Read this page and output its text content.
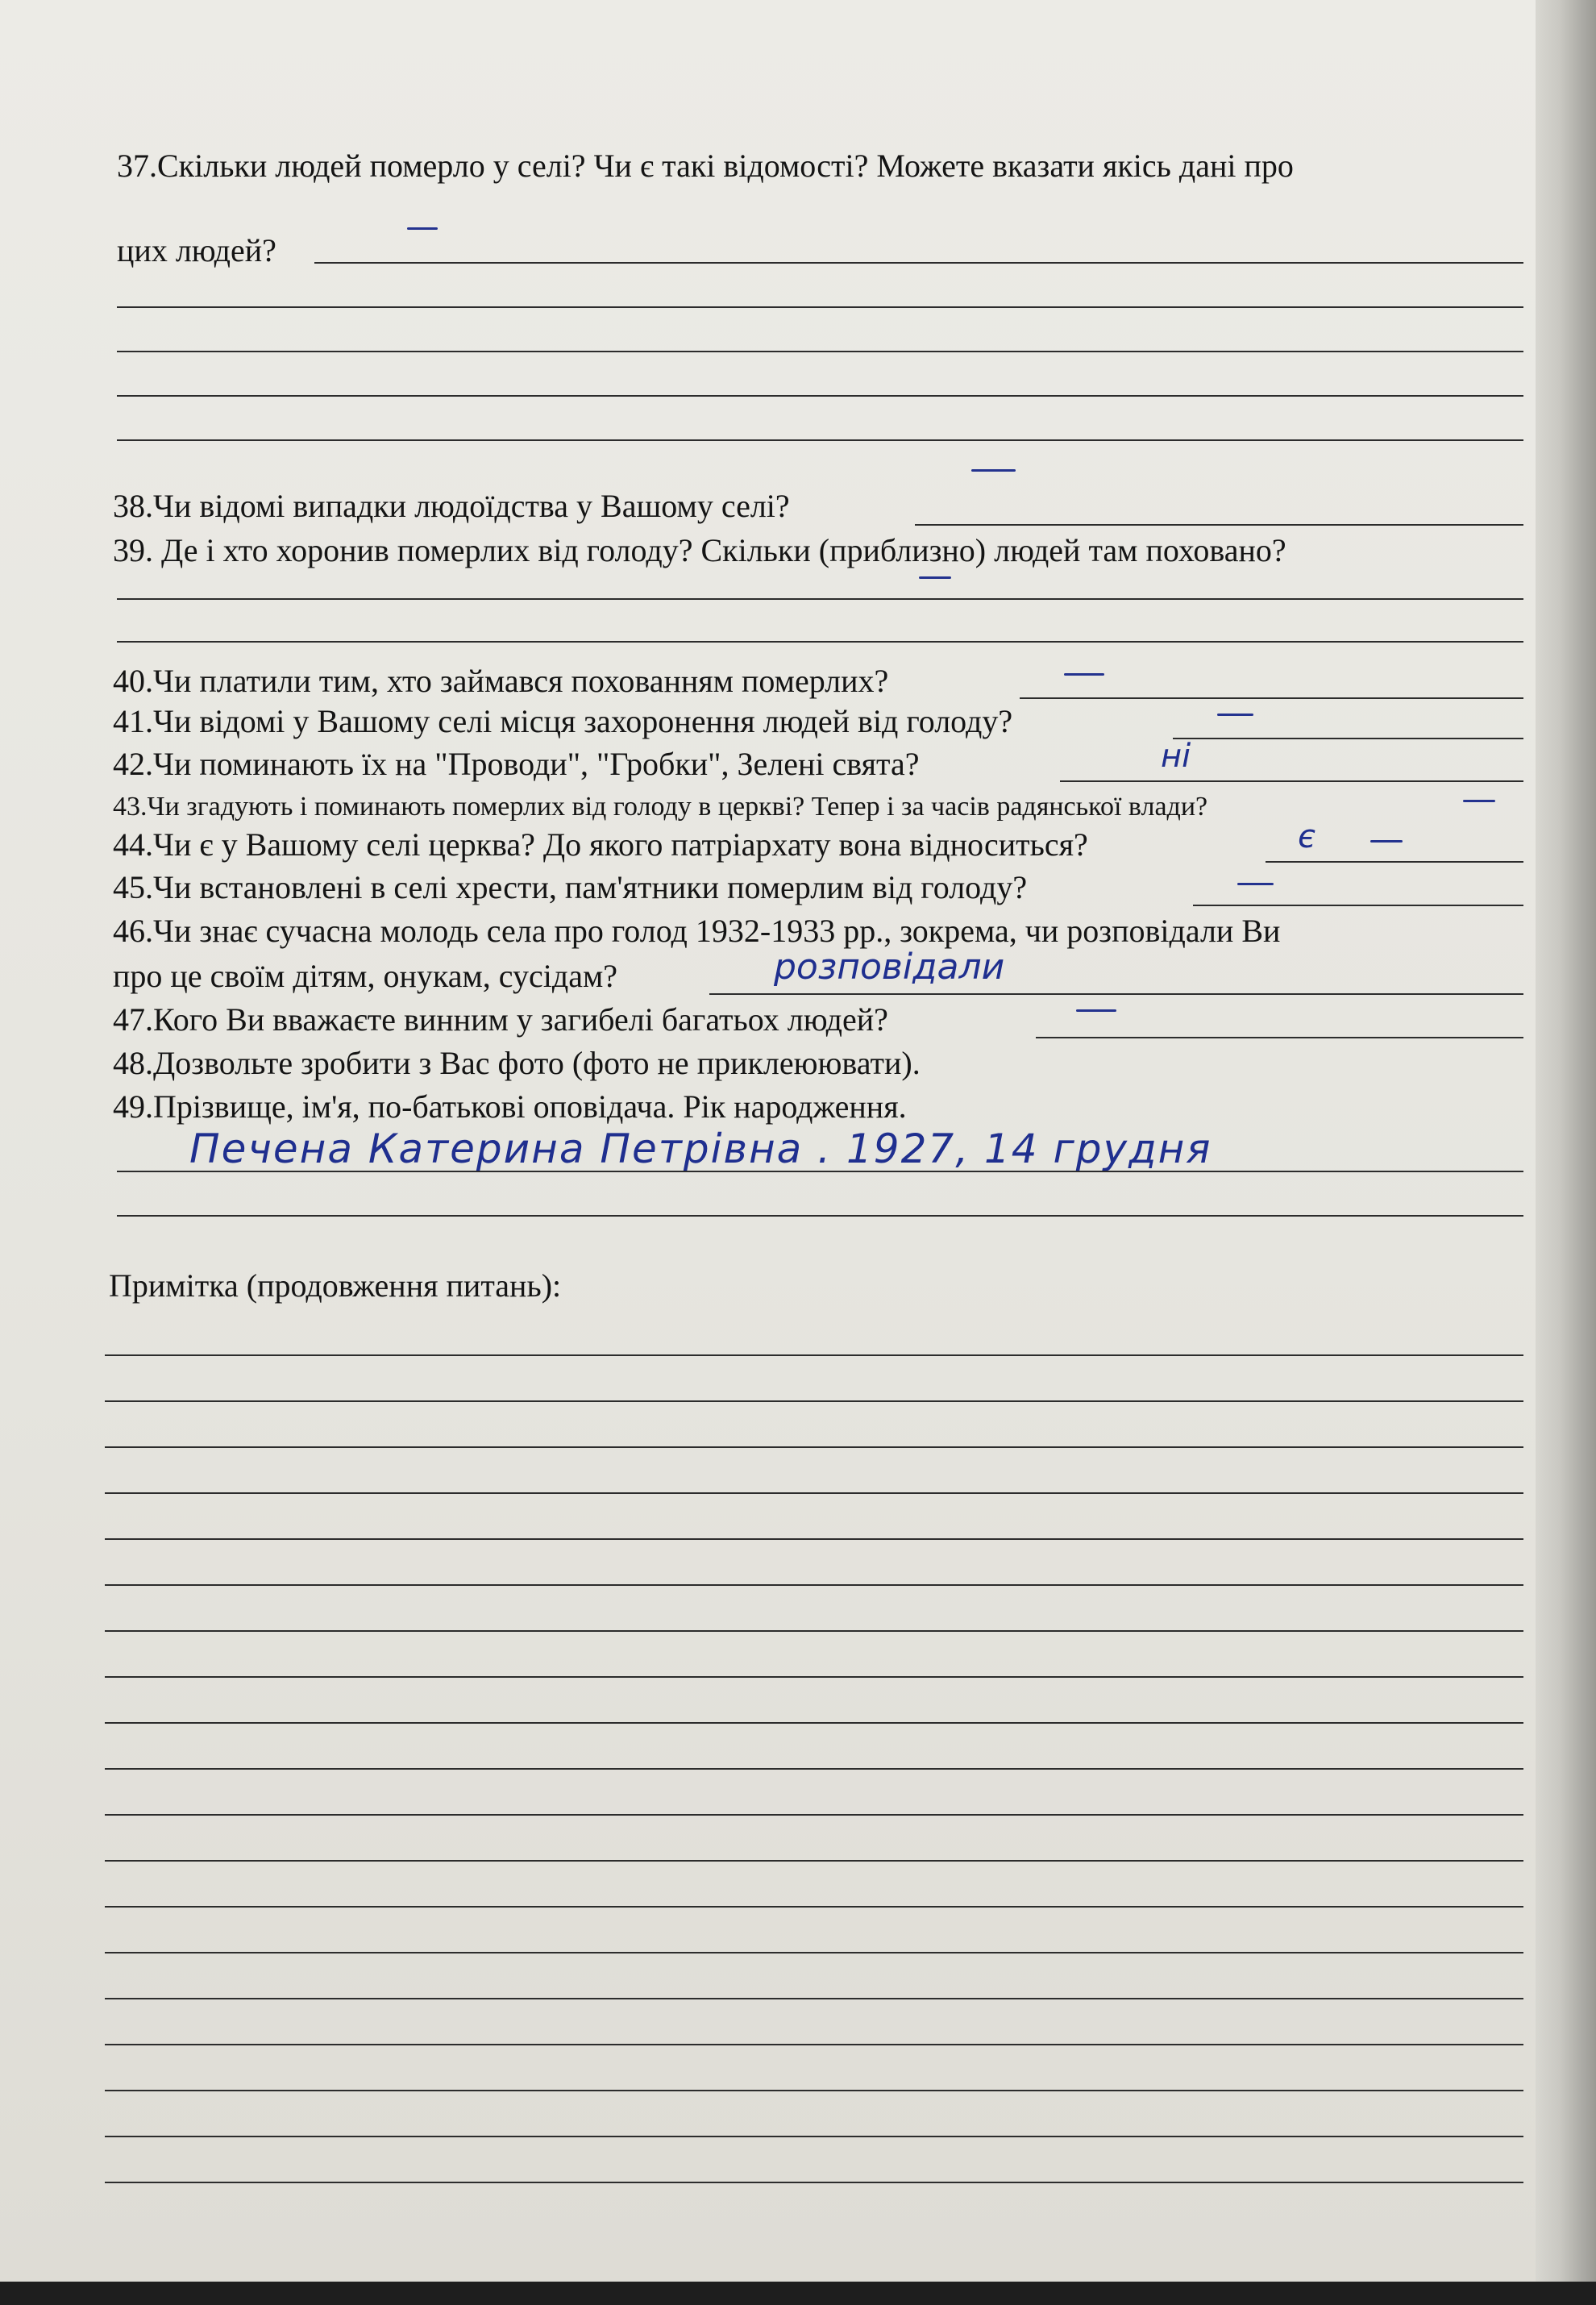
37.Скільки людей померло у селі? Чи є такі відомості? Можете вказати якісь дані про
цих людей?
38.Чи відомі випадки людоїдства у Вашому селі?
39. Де і хто хоронив померлих від голоду? Скільки (приблизно) людей там поховано?
40.Чи платили тим, хто займався похованням померлих?
41.Чи відомі у Вашому селі місця захоронення людей від голоду?
42.Чи поминають їх на "Проводи", "Гробки", Зелені свята?	ні
43.Чи згадують і поминають померлих від голоду в церкві? Тепер і за часів радянської влади?
44.Чи є у Вашому селі церква? До якого патріархату вона відноситься?	є
45.Чи встановлені в селі хрести, пам'ятники померлим від голоду?
46.Чи знає сучасна молодь села про голод 1932-1933 рр., зокрема, чи розповідали Ви
про це своїм дітям, онукам, сусідам?	розповідали
47.Кого Ви вважаєте винним у загибелі багатьох людей?
48.Дозвольте зробити з Вас фото (фото не приклеюювати).
49.Прізвище, ім'я, по-батькові оповідача. Рік народження.
Печена Катерина Петрівна . 1927, 14 грудня
Примітка (продовження питань):
